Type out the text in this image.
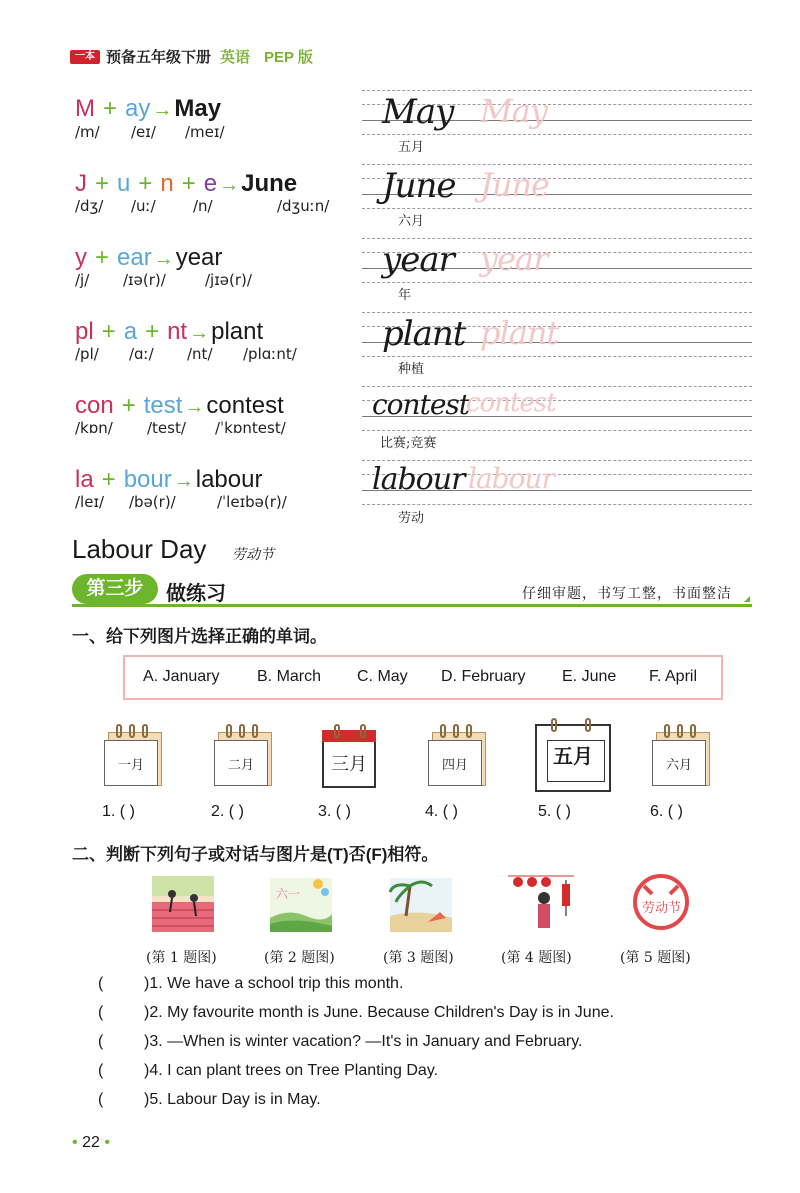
一本 预备五年级下册 英语 PEP 版
M + ay →May
/m/ /eɪ/ /meɪ/
J + u + n + e →June
/dʒ/ /uː/ /n/	/dʒuːn/
y + ear→year
/j/ /ɪə(r)/	/jɪə(r)/
pl + a + nt →plant
/pl/ /ɑː/ /nt/ /plɑːnt/
con + test →contest
/kɒn/ /test/ /ˈkɒntest/
la+bour →labour
/leɪ/ /bə(r)/	/ˈleɪbə(r)/
May May
五月
June June
六月
year year
年
plant plant
种植
contest
contest
比赛;竞赛
labour labour
劳动
Labour Day 劳动节
第三步	做练习	仔细审题，书写工整，书面整洁
一、给下列图片选择正确的单词。
A. January B. March C. May D. February E. June F. April
一月	二月	三月	四月	五月	六月
1. ( )	2. ( )	3. ( )	4. ( )	5. ( )	6. ( )
二、判断下列句子或对话与图片是(T)否(F)相符。
六一
劳动节
(第 1 题图)	(第 2 题图)	(第 3 题图)	(第 4 题图)	(第 5 题图)
(	)1. We have a school trip this month.
(	)2. My favourite month is June. Because Children's Day is in June.
(	)3. —When is winter vacation? —It's in January and February.
(	)4. I can plant trees on Tree Planting Day.
(	)5. Labour Day is in May.
• 22 •
